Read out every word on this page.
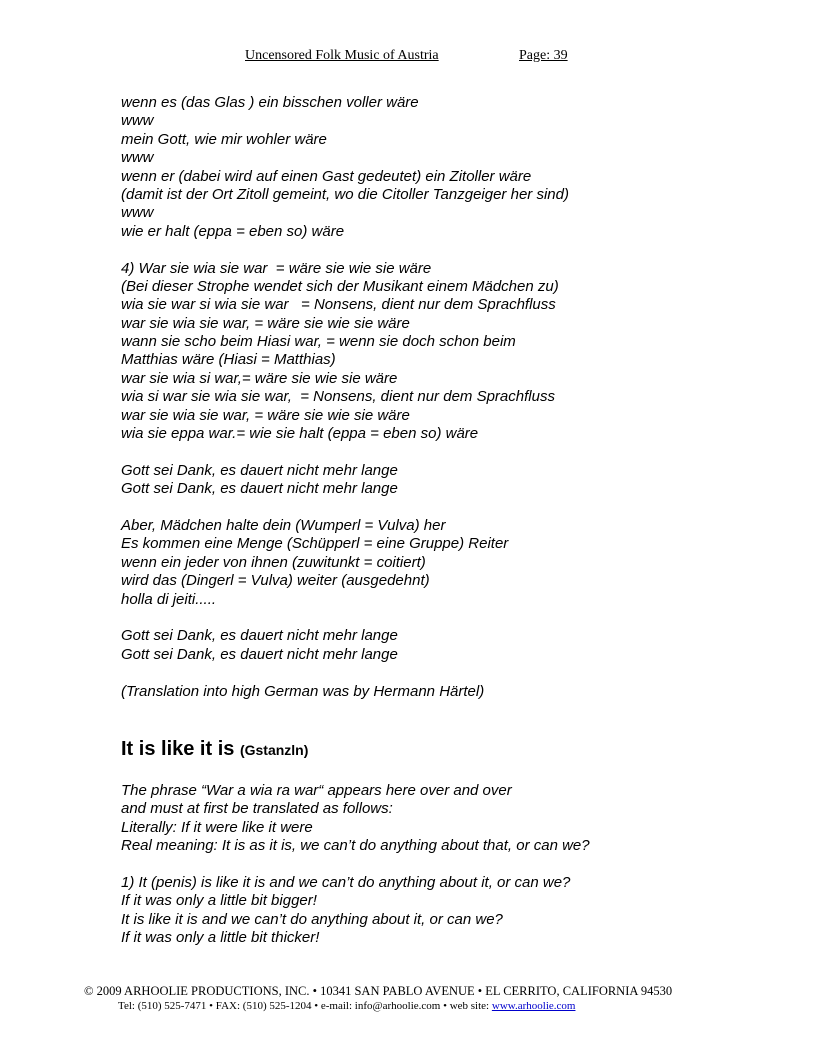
Uncensored Folk Music of Austria	Page: 39
wenn es (das Glas ) ein bisschen voller wäre
www
mein Gott, wie mir wohler wäre
www
wenn er (dabei wird auf einen Gast gedeutet) ein Zitoller wäre
(damit ist der Ort Zitoll gemeint, wo die Citoller Tanzgeiger her sind)
www
wie er halt (eppa = eben so) wäre
4) War sie wia sie war  = wäre sie wie sie wäre
(Bei dieser Strophe wendet sich der Musikant einem Mädchen zu)
wia sie war si wia sie war   = Nonsens, dient nur dem Sprachfluss
war sie wia sie war, = wäre sie wie sie wäre
wann sie scho beim Hiasi war, = wenn sie doch schon beim
Matthias wäre (Hiasi = Matthias)
war sie wia si war,= wäre sie wie sie wäre
wia si war sie wia sie war,  = Nonsens, dient nur dem Sprachfluss
war sie wia sie war, = wäre sie wie sie wäre
wia sie eppa war.= wie sie halt (eppa = eben so) wäre
Gott sei Dank, es dauert nicht mehr lange
Gott sei Dank, es dauert nicht mehr lange
Aber, Mädchen halte dein (Wumperl = Vulva) her
Es kommen eine Menge (Schüpperl = eine Gruppe) Reiter
wenn ein jeder von ihnen (zuwitunkt = coitiert)
wird das (Dingerl = Vulva) weiter (ausgedehnt)
holla di jeiti.....
Gott sei Dank, es dauert nicht mehr lange
Gott sei Dank, es dauert nicht mehr lange
(Translation into high German was by Hermann Härtel)
It is like it is (Gstanzln)
The phrase “War a wia ra war“ appears here over and over
and must at first be translated as follows:
Literally: If it were like it were
Real meaning: It is as it is, we can’t do anything about that, or can we?
1) It (penis) is like it is and we can’t do anything about it, or can we?
If it was only a little bit bigger!
It is like it is and we can’t do anything about it, or can we?
If it was only a little bit thicker!
© 2009 ARHOOLIE PRODUCTIONS, INC. • 10341 SAN PABLO AVENUE • EL CERRITO, CALIFORNIA 94530
Tel: (510) 525-7471 • FAX: (510) 525-1204 • e-mail: info@arhoolie.com • web site: www.arhoolie.com
